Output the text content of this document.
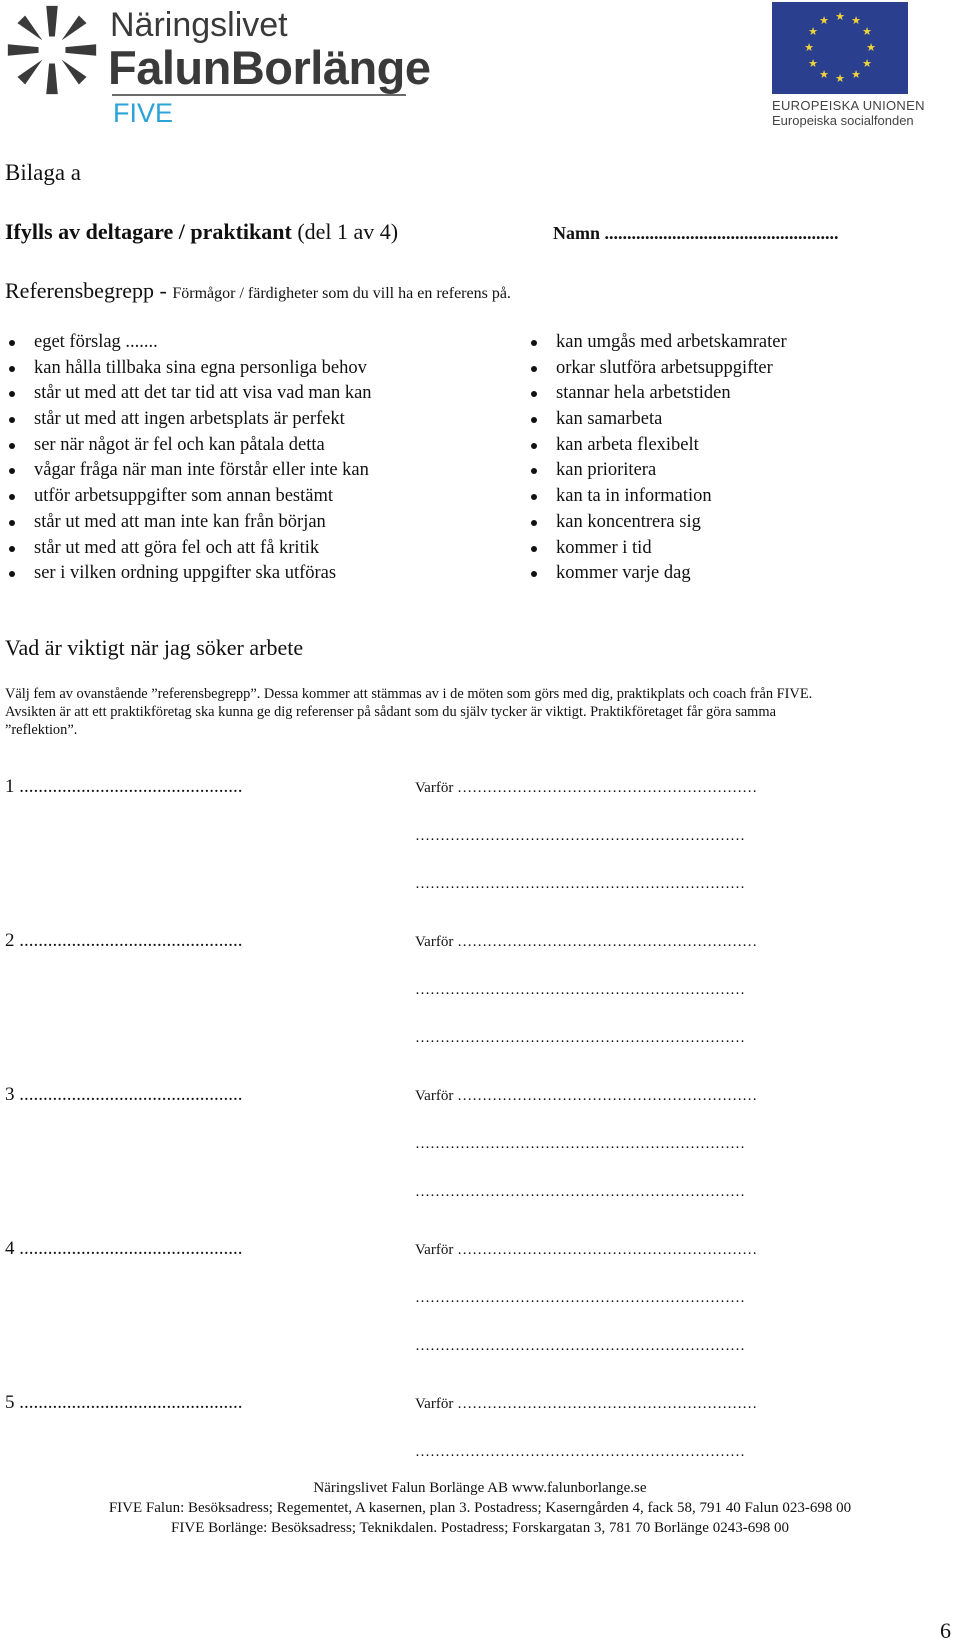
Näringslivet
FalunBorlänge
FIVE
★ ★
★
★
★
★
★
★
★
★
★
★
EUROPEISKA UNIONEN
Europeiska socialfonden
Bilaga a
Ifylls av deltagare / praktikant (del 1 av 4)	Namn ....................................................
Referensbegrepp - Förmågor / färdigheter som du vill ha en referens på.
eget förslag .......
kan hålla tillbaka sina egna personliga behov
står ut med att det tar tid att visa vad man kan
står ut med att ingen arbetsplats är perfekt
ser när något är fel och kan påtala detta
vågar fråga när man inte förstår eller inte kan
utför arbetsuppgifter som annan bestämt
står ut med att man inte kan från början
står ut med att göra fel och att få kritik
ser i vilken ordning uppgifter ska utföras
kan umgås med arbetskamrater
orkar slutföra arbetsuppgifter
stannar hela arbetstiden
kan samarbeta
kan arbeta flexibelt
kan prioritera
kan ta in information
kan koncentrera sig
kommer i tid
kommer varje dag
Vad är viktigt när jag söker arbete
Välj fem av ovanstående ”referensbegrepp”. Dessa kommer att stämmas av i de möten som görs med dig, praktikplats och coach från FIVE.
Avsikten är att ett praktikföretag ska kunna ge dig referenser på sådant som du själv tycker är viktigt. Praktikföretaget får göra samma
”reflektion”.
1 ...............................................	Varför ……………………………………………………
…………………………………………………………
…………………………………………………………
2 ...............................................	Varför ……………………………………………………
…………………………………………………………
…………………………………………………………
3 ...............................................	Varför ……………………………………………………
…………………………………………………………
…………………………………………………………
4 ...............................................	Varför ……………………………………………………
…………………………………………………………
…………………………………………………………
5 ...............................................	Varför ……………………………………………………
…………………………………………………………
Näringslivet Falun Borlänge AB www.falunborlange.se
FIVE Falun: Besöksadress; Regementet, A kasernen, plan 3. Postadress; Kaserngården 4, fack 58, 791 40 Falun 023-698 00
FIVE Borlänge: Besöksadress; Teknikdalen. Postadress; Forskargatan 3, 781 70 Borlänge 0243-698 00
6
